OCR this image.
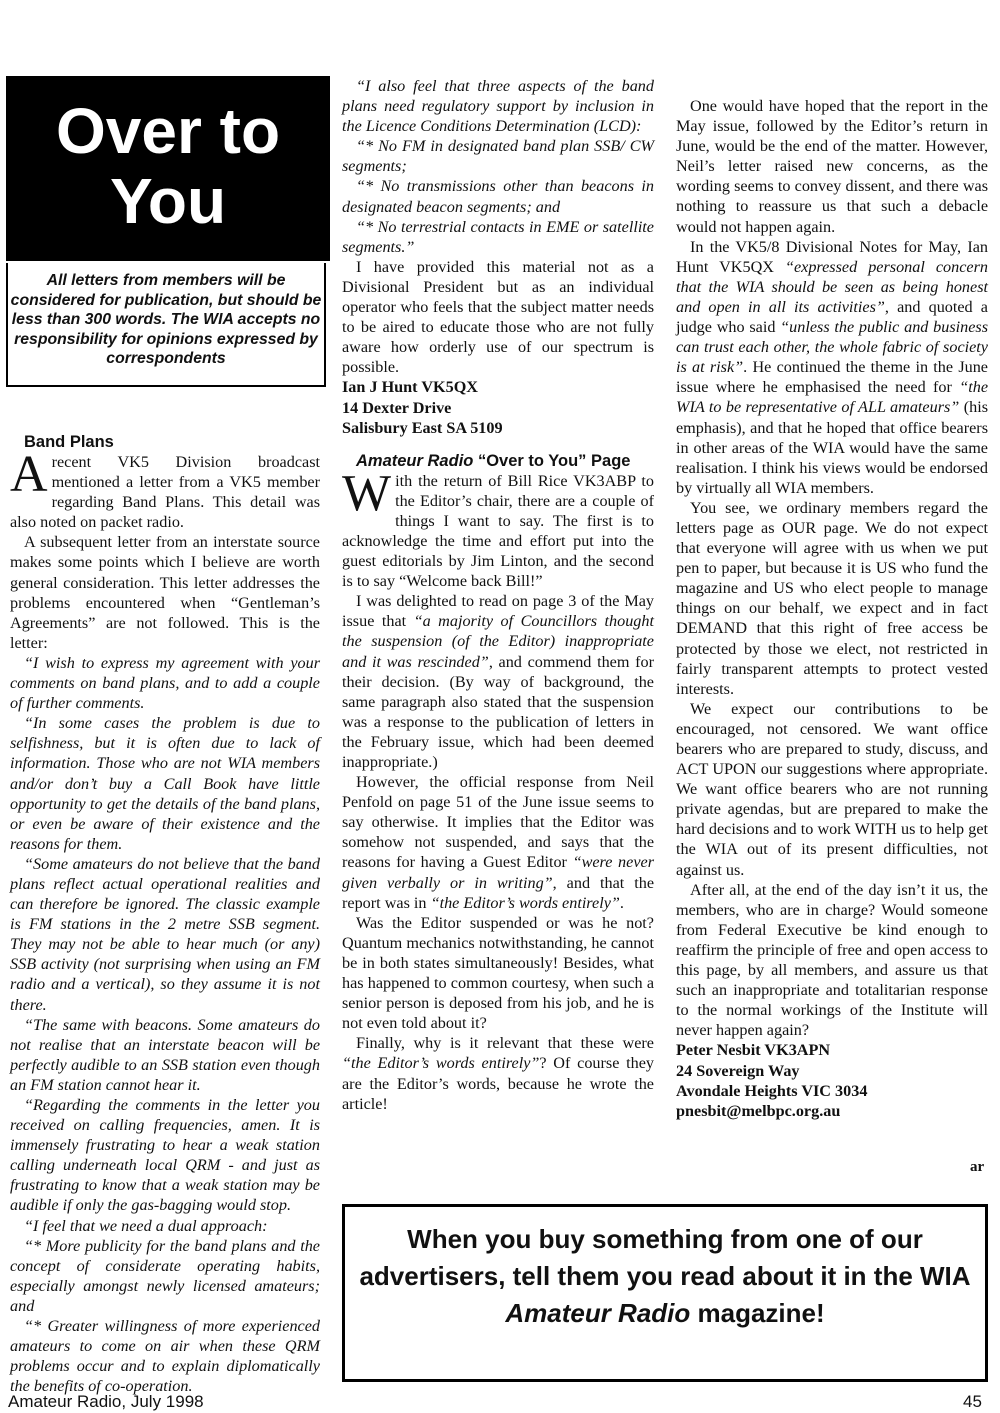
Over to You

All letters from members will be considered for publication, but should be less than 300 words. The WIA accepts no responsibility for opinions expressed by correspondents

Band Plans

Arecent VK5 Division broadcast mentioned a letter from a VK5 member regarding Band Plans. This detail was also noted on packet radio.

A subsequent letter from an interstate source makes some points which I believe are worth general consideration. This letter addresses the problems encountered when “Gentleman’s Agreements” are not followed. This is the letter:

“I wish to express my agreement with your comments on band plans, and to add a couple of further comments.

“In some cases the problem is due to selfishness, but it is often due to lack of information. Those who are not WIA members and/or don’t buy a Call Book have little opportunity to get the details of the band plans, or even be aware of their existence and the reasons for them.

“Some amateurs do not believe that the band plans reflect actual operational realities and can therefore be ignored. The classic example is FM stations in the 2 metre SSB segment. They may not be able to hear much (or any) SSB activity (not surprising when using an FM radio and a vertical), so they assume it is not there.

“The same with beacons. Some amateurs do not realise that an interstate beacon will be perfectly audible to an SSB station even though an FM station cannot hear it.

“Regarding the comments in the letter you received on calling frequencies, amen. It is immensely frustrating to hear a weak station calling underneath local QRM - and just as frustrating to know that a weak station may be audible if only the gas-bagging would stop.

“I feel that we need a dual approach:

“* More publicity for the band plans and the concept of considerate operating habits, especially amongst newly licensed amateurs; and

“* Greater willingness of more experienced amateurs to come on air when these QRM problems occur and to explain diplomatically the benefits of co-operation.

“I also feel that three aspects of the band plans need regulatory support by inclusion in the Licence Conditions Determination (LCD):

“* No FM in designated band plan SSB/ CW segments;

“* No transmissions other than beacons in designated beacon segments; and

“* No terrestrial contacts in EME or satellite segments.”

I have provided this material not as a Divisional President but as an individual operator who feels that the subject matter needs to be aired to educate those who are not fully aware how orderly use of our spectrum is possible.

Ian J Hunt VK5QX

14 Dexter Drive

Salisbury East SA 5109

Amateur Radio “Over to You” Page

With the return of Bill Rice VK3ABP to the Editor’s chair, there are a couple of things I want to say. The first is to acknowledge the time and effort put into the guest editorials by Jim Linton, and the second is to say “Welcome back Bill!”

I was delighted to read on page 3 of the May issue that “a majority of Councillors thought the suspension (of the Editor) inappropriate and it was rescinded”, and commend them for their decision. (By way of background, the same paragraph also stated that the suspension was a response to the publication of letters in the February issue, which had been deemed inappropriate.)

However, the official response from Neil Penfold on page 51 of the June issue seems to say otherwise. It implies that the Editor was somehow not suspended, and says that the reasons for having a Guest Editor “were never given verbally or in writing”, and that the report was in “the Editor’s words entirely”.

Was the Editor suspended or was he not? Quantum mechanics notwithstanding, he cannot be in both states simultaneously! Besides, what has happened to common courtesy, when such a senior person is deposed from his job, and he is not even told about it?

Finally, why is it relevant that these were “the Editor’s words entirely”? Of course they are the Editor’s words, because he wrote the article!

One would have hoped that the report in the May issue, followed by the Editor’s return in June, would be the end of the matter. However, Neil’s letter raised new concerns, as the wording seems to convey dissent, and there was nothing to reassure us that such a debacle would not happen again.

In the VK5/8 Divisional Notes for May, Ian Hunt VK5QX “expressed personal concern that the WIA should be seen as being honest and open in all its activities”, and quoted a judge who said “unless the public and business can trust each other, the whole fabric of society is at risk”. He continued the theme in the June issue where he emphasised the need for “the WIA to be representative of ALL amateurs” (his emphasis), and that he hoped that office bearers in other areas of the WIA would have the same realisation. I think his views would be endorsed by virtually all WIA members.

You see, we ordinary members regard the letters page as OUR page. We do not expect that everyone will agree with us when we put pen to paper, but because it is US who fund the magazine and US who elect people to manage things on our behalf, we expect and in fact DEMAND that this right of free access be protected by those we elect, not restricted in fairly transparent attempts to protect vested interests.

We expect our contributions to be encouraged, not censored. We want office bearers who are prepared to study, discuss, and ACT UPON our suggestions where appropriate. We want office bearers who are not running private agendas, but are prepared to make the hard decisions and to work WITH us to help get the WIA out of its present difficulties, not against us.

After all, at the end of the day isn’t it us, the members, who are in charge? Would someone from Federal Executive be kind enough to reaffirm the principle of free and open access to this page, by all members, and assure us that such an inappropriate and totalitarian response to the normal workings of the Institute will never happen again?

Peter Nesbit VK3APN

24 Sovereign Way

Avondale Heights VIC 3034

pnesbit@melbpc.org.au

ar

When you buy something from one of our advertisers, tell them you read about it in the WIA Amateur Radio magazine!

Amateur Radio, July 1998	45
